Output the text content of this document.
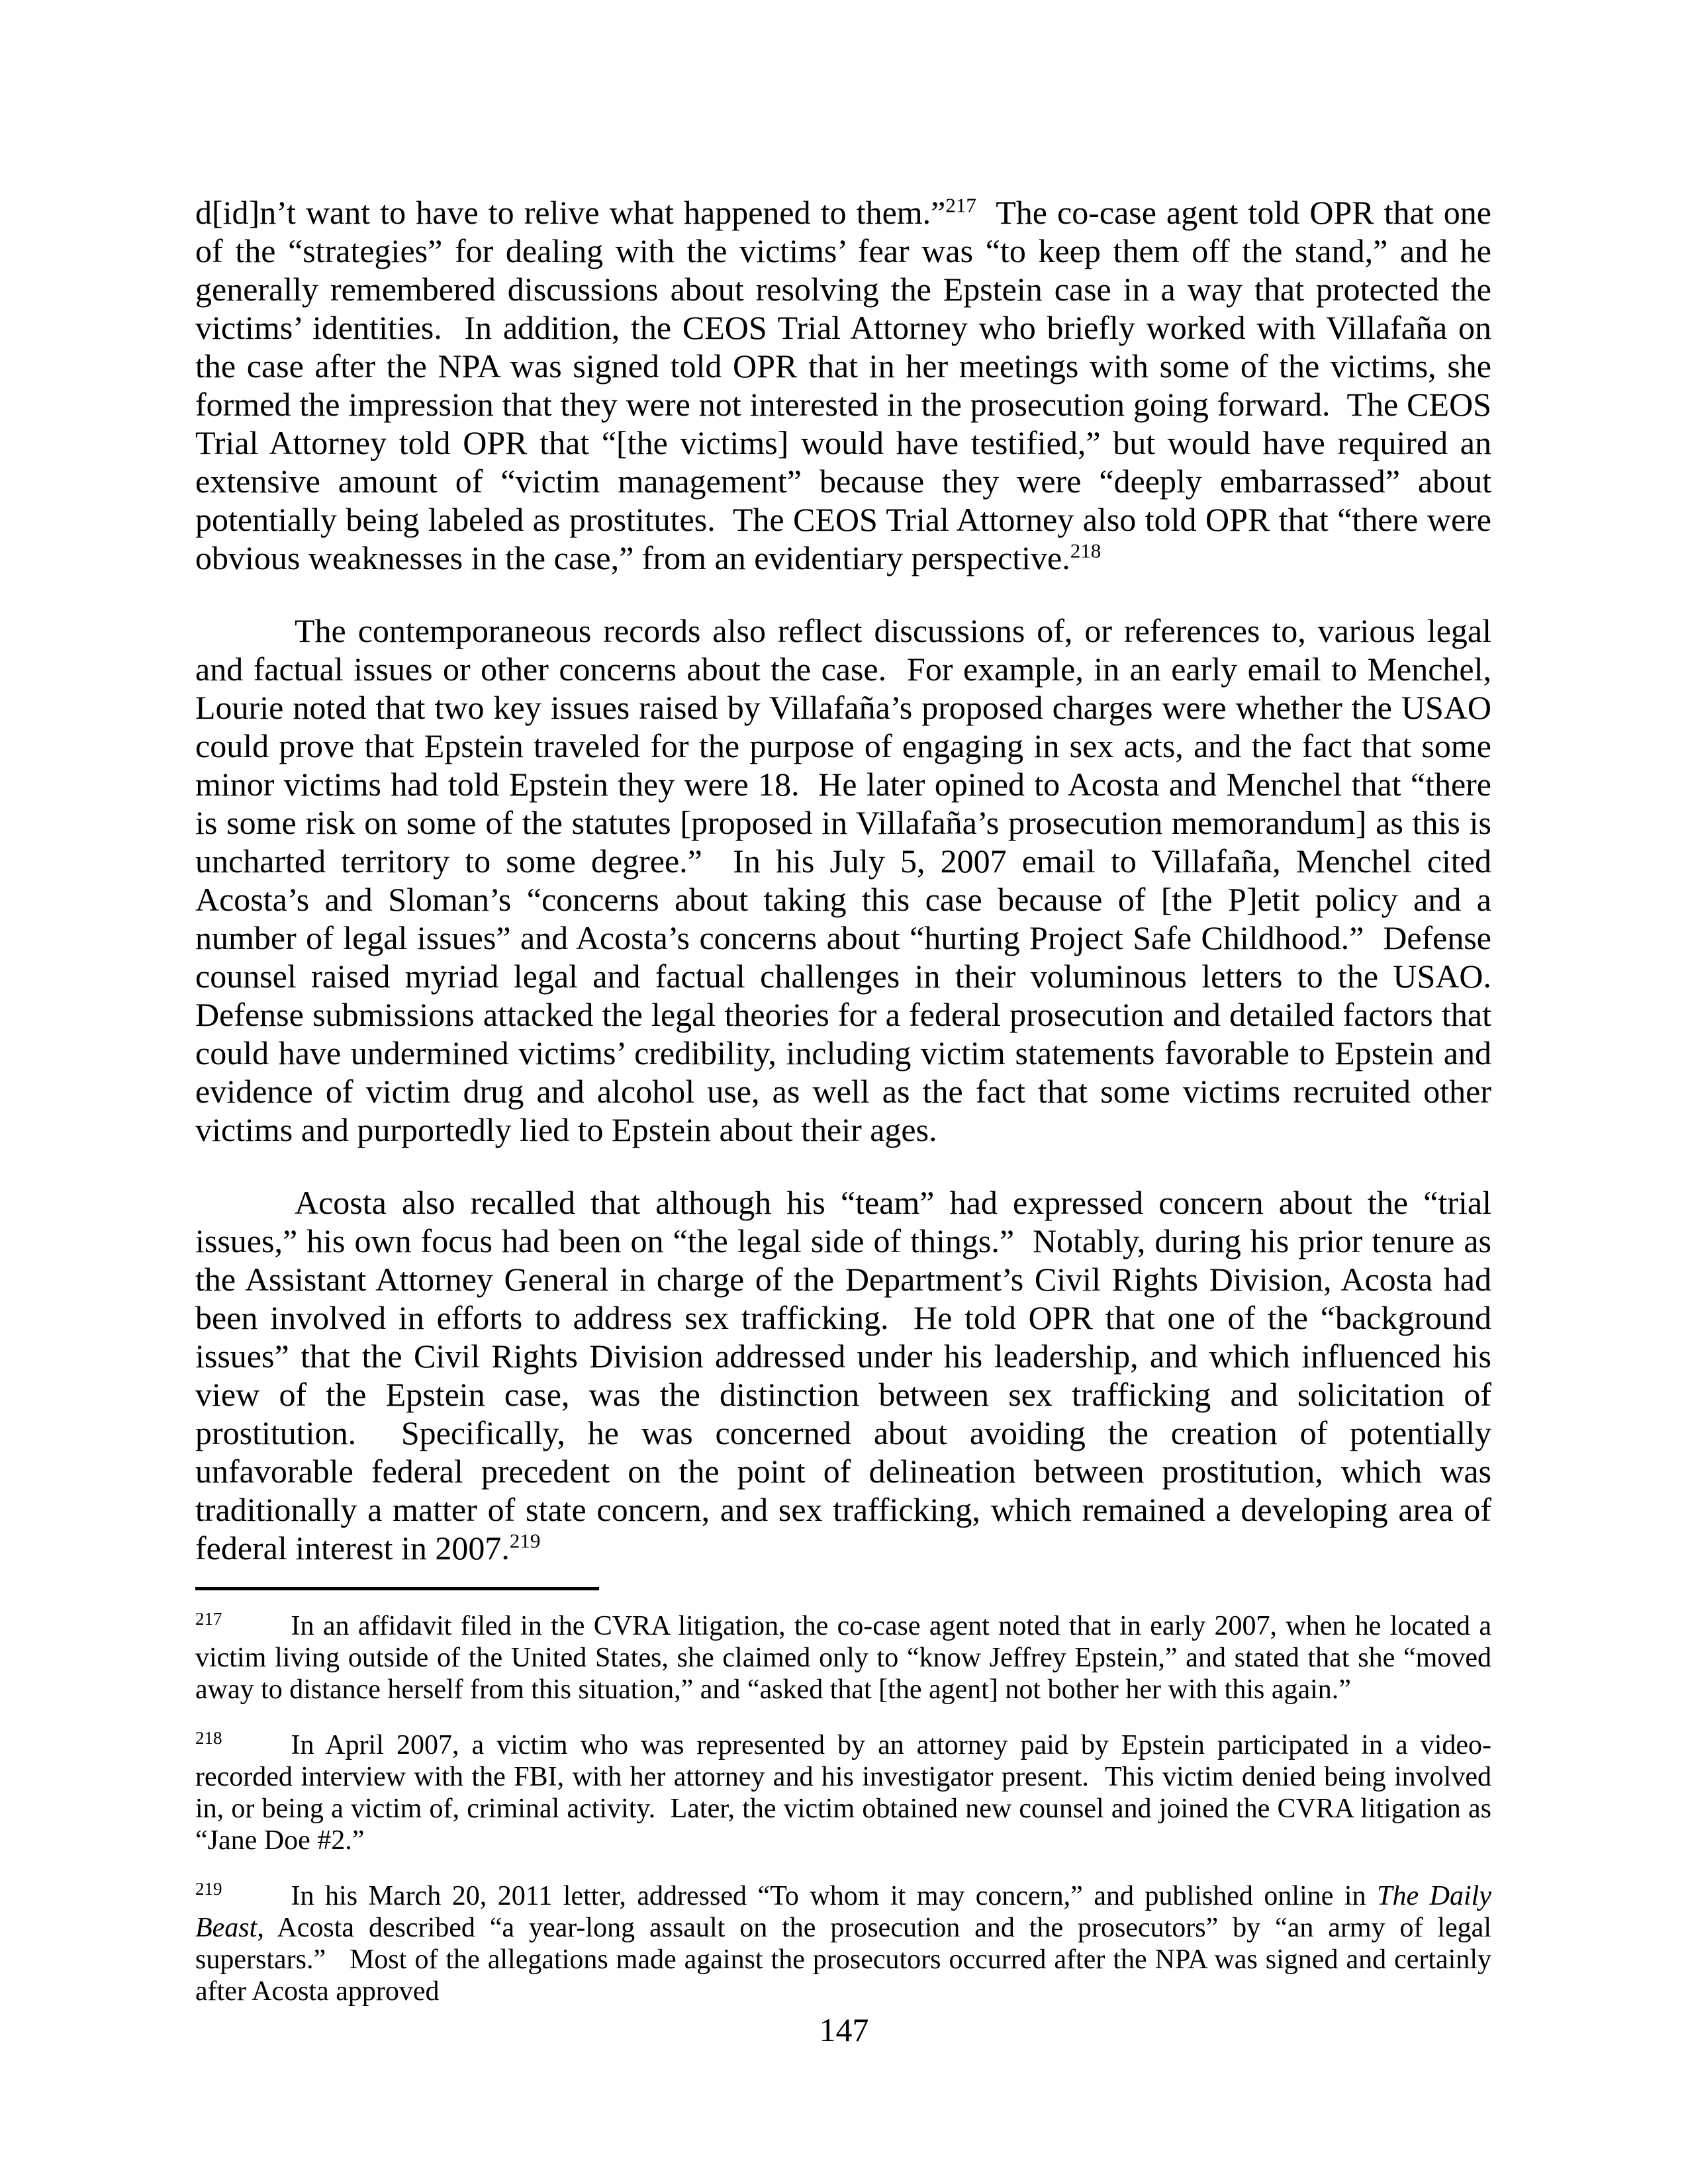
d[id]n’t want to have to relive what happened to them.”$^{217}$  The co-case agent told OPR that one of the “strategies” for dealing with the victims’ fear was “to keep them off the stand,” and he generally remembered discussions about resolving the Epstein case in a way that protected the victims’ identities.  In addition, the CEOS Trial Attorney who briefly worked with Villafaña on the case after the NPA was signed told OPR that in her meetings with some of the victims, she formed the impression that they were not interested in the prosecution going forward.  The CEOS Trial Attorney told OPR that “[the victims] would have testified,” but would have required an extensive amount of “victim management” because they were “deeply embarrassed” about potentially being labeled as prostitutes.  The CEOS Trial Attorney also told OPR that “there were obvious weaknesses in the case,” from an evidentiary perspective.$^{218}$

The contemporaneous records also reflect discussions of, or references to, various legal and factual issues or other concerns about the case.  For example, in an early email to Menchel, Lourie noted that two key issues raised by Villafaña’s proposed charges were whether the USAO could prove that Epstein traveled for the purpose of engaging in sex acts, and the fact that some minor victims had told Epstein they were 18.  He later opined to Acosta and Menchel that “there is some risk on some of the statutes [proposed in Villafaña’s prosecution memorandum] as this is uncharted territory to some degree.”  In his July 5, 2007 email to Villafaña, Menchel cited Acosta’s and Sloman’s “concerns about taking this case because of [the P]etit policy and a number of legal issues” and Acosta’s concerns about “hurting Project Safe Childhood.”  Defense counsel raised myriad legal and factual challenges in their voluminous letters to the USAO.  Defense submissions attacked the legal theories for a federal prosecution and detailed factors that could have undermined victims’ credibility, including victim statements favorable to Epstein and evidence of victim drug and alcohol use, as well as the fact that some victims recruited other victims and purportedly lied to Epstein about their ages.

Acosta also recalled that although his “team” had expressed concern about the “trial issues,” his own focus had been on “the legal side of things.”  Notably, during his prior tenure as the Assistant Attorney General in charge of the Department’s Civil Rights Division, Acosta had been involved in efforts to address sex trafficking.  He told OPR that one of the “background issues” that the Civil Rights Division addressed under his leadership, and which influenced his view of the Epstein case, was the distinction between sex trafficking and solicitation of prostitution.  Specifically, he was concerned about avoiding the creation of potentially unfavorable federal precedent on the point of delineation between prostitution, which was traditionally a matter of state concern, and sex trafficking, which remained a developing area of federal interest in 2007.$^{219}$

$^{217}$ In an affidavit filed in the CVRA litigation, the co-case agent noted that in early 2007, when he located a victim living outside of the United States, she claimed only to “know Jeffrey Epstein,” and stated that she “moved away to distance herself from this situation,” and “asked that [the agent] not bother her with this again.”

$^{218}$ In April 2007, a victim who was represented by an attorney paid by Epstein participated in a video-recorded interview with the FBI, with her attorney and his investigator present.  This victim denied being involved in, or being a victim of, criminal activity.  Later, the victim obtained new counsel and joined the CVRA litigation as “Jane Doe #2.”

$^{219}$ In his March 20, 2011 letter, addressed “To whom it may concern,” and published online in The Daily Beast, Acosta described “a year-long assault on the prosecution and the prosecutors” by “an army of legal superstars.”   Most of the allegations made against the prosecutors occurred after the NPA was signed and certainly after Acosta approved

147
